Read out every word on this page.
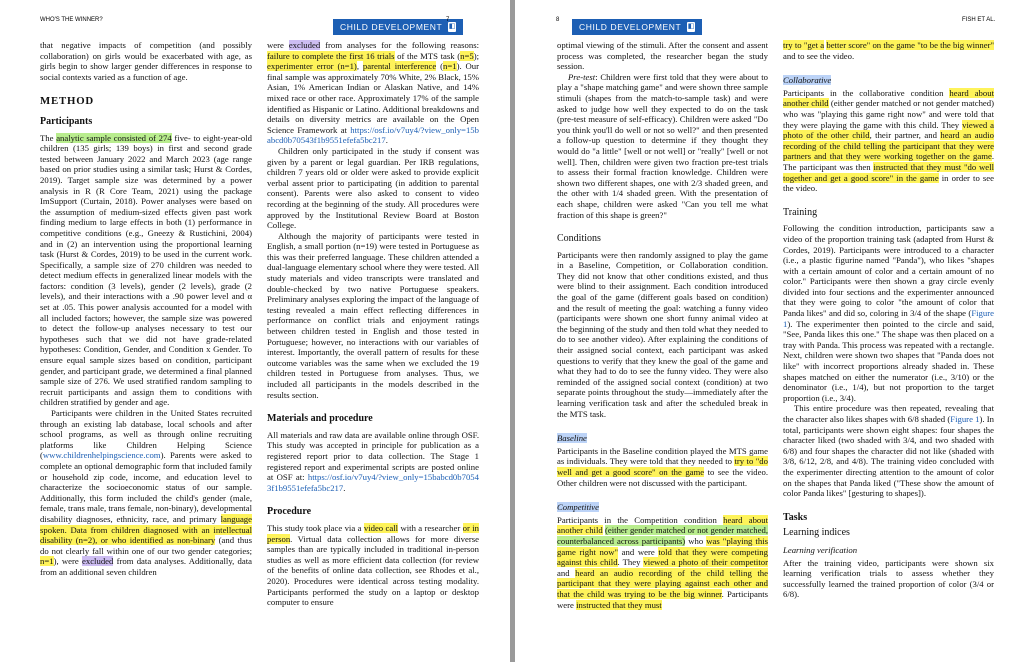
WHO'S THE WINNER?
CHILD DEVELOPMENT ◧
7

that negative impacts of competition (and possibly collaboration) on girls would be exacerbated with age, as girls begin to show larger gender differences in response to social contexts varied as a function of age.

METHOD
Participants

The analytic sample consisted of 274 five- to eight-year-old children (135 girls; 139 boys) in first and second grade tested between January 2022 and March 2023 (age range based on prior studies using a similar task; Hurst & Cordes, 2019). Target sample size was determined by a power analysis in R (R Core Team, 2021) using the package ImSupport (Curtain, 2018). Power analyses were based on the assumption of medium-sized effects given past work finding medium to large effects in both (1) performance in competitive conditions (e.g., Gneezy & Rustichini, 2004) and in (2) an intervention using the proportional learning task (Hurst & Cordes, 2019) to be used in the current work. Specifically, a sample size of 270 children was needed to detect medium effects in generalized linear models with the factors: condition (3 levels), gender (2 levels), grade (2 levels), and their interactions with a .90 power level and α set at .05. This power analysis accounted for a model with all included factors; however, the sample size was powered to detect the follow-up analyses necessary to test our hypotheses such that we did not have grade-related hypotheses: Condition, Gender, and Condition x Gender. To ensure equal sample sizes based on condition, participant gender, and participant grade, we determined a final planned sample size of 276. We used stratified random sampling to recruit participants and assign them to conditions with children stratified by gender and age.

Participants were children in the United States recruited through an existing lab database, local schools and after school programs, as well as through online recruiting platforms like Children Helping Science (www.childrenhelpingscience.com). Parents were asked to complete an optional demographic form that included family or household zip code, income, and education level to characterize the socioeconomic status of our sample. Additionally, this form included the child's gender (male, female, trans male, trans female, non-binary), developmental disability diagnoses, ethnicity, race, and primary language spoken. Data from children diagnosed with an intellectual disability (n=2), or who identified as non-binary (and thus do not clearly fall within one of our two gender categories; n=1), were excluded from data analyses. Additionally, data from an additional seven children

were excluded from analyses for the following reasons: failure to complete the first 16 trials of the MTS task (n=5); experimenter error (n=1), parental interference (n=1). Our final sample was approximately 70% White, 2% Black, 15% Asian, 1% American Indian or Alaskan Native, and 14% mixed race or other race. Approximately 17% of the sample identified as Hispanic or Latino. Additional breakdowns and details on diversity metrics are available on the Open Science Framework at https://osf.io/v7uy4/?view_only=15babcd0b70543f1b9551efefa5bc217.

Children only participated in the study if consent was given by a parent or legal guardian. Per IRB regulations, children 7 years old or older were asked to provide explicit verbal assent prior to participating (in addition to parental consent). Parents were also asked to consent to video recording at the beginning of the study. All procedures were approved by the Institutional Review Board at Boston College.

Although the majority of participants were tested in English, a small portion (n=19) were tested in Portuguese as this was their preferred language. These children attended a dual-language elementary school where they were tested. All study materials and video transcripts were translated and double-checked by two native Portuguese speakers. Preliminary analyses exploring the impact of the language of testing revealed a main effect reflecting differences in performance on conflict trials and enjoyment ratings between children tested in English and those tested in Portuguese; however, no interactions with our variables of interest. Importantly, the overall pattern of results for these outcome variables was the same when we excluded the 19 children tested in Portuguese from analyses. Thus, we included all participants in the models described in the results section.

Materials and procedure

All materials and raw data are available online through OSF. This study was accepted in principle for publication as a registered report prior to data collection. The Stage 1 registered report and experimental scripts are posted online at OSF at: https://osf.io/v7uy4/?view_only=15babcd0b70543f1b9551efefa5bc217.

Procedure

This study took place via a video call with a researcher or in person. Virtual data collection allows for more diverse samples than are typically included in traditional in-person studies as well as more efficient data collection (for review of the benefits of online data collection, see Rhodes et al., 2020). Procedures were identical across testing modality. Participants performed the study on a laptop or desktop computer to ensure

8
CHILD DEVELOPMENT ◧
FISH ET AL.

optimal viewing of the stimuli. After the consent and assent process was completed, the researcher began the study session.

Pre-test: Children were first told that they were about to play a "shape matching game" and were shown three sample stimuli (shapes from the match-to-sample task) and were asked to judge how well they expected to do on the task (pre-test measure of self-efficacy). Children were asked "Do you think you'll do well or not so well?" and then presented a follow-up question to determine if they thought they would do "a little" [well or not well] or "really" [well or not well]. Then, children were given two fraction pre-test trials to assess their formal fraction knowledge. Children were shown two different shapes, one with 2/3 shaded green, and the other with 1/4 shaded green. With the presentation of each shape, children were asked "Can you tell me what fraction of this shape is green?"

Conditions

Participants were then randomly assigned to play the game in a Baseline, Competition, or Collaboration condition. They did not know that other conditions existed, and thus were blind to their assignment. Each condition introduced the goal of the game (different goals based on condition) and the result of meeting the goal: watching a funny video (participants were shown one short funny animal video at the beginning of the study and then told what they needed to do to see another video). After explaining the conditions of their assigned social context, each participant was asked questions to verify that they knew the goal of the game and what they had to do to see the funny video. They were also reminded of the assigned social context (condition) at two separate points throughout the study—immediately after the learning verification task and after the scheduled break in the MTS task.

Baseline

Participants in the Baseline condition played the MTS game as individuals. They were told that they needed to try to "do well and get a good score" on the game to see the video. Other children were not discussed with the participant.

Competitive

Participants in the Competition condition heard about another child (either gender matched or not gender matched, counterbalanced across participants) who was "playing this game right now" and were told that they were competing against this child. They viewed a photo of their competitor and heard an audio recording of the child telling the participant that they were playing against each other and that the child was trying to be the big winner. Participants were instructed that they must

try to "get a better score" on the game "to be the big winner" and to see the video.

Collaborative

Participants in the collaborative condition heard about another child (either gender matched or not gender matched) who was "playing this game right now" and were told that they were playing the game with this child. They viewed a photo of the other child, their partner, and heard an audio recording of the child telling the participant that they were partners and that they were working together on the game. The participant was then instructed that they must "do well together and get a good score" in the game in order to see the video.

Training

Following the condition introduction, participants saw a video of the proportion training task (adapted from Hurst & Cordes, 2019). Participants were introduced to a character (i.e., a plastic figurine named "Panda"), who likes "shapes with a certain amount of color and a certain amount of no color." Participants were then shown a gray circle evenly divided into four sections and the experimenter announced that they were going to color "the amount of color that Panda likes" and did so, coloring in 3/4 of the shape (Figure 1). The experimenter then pointed to the circle and said, "See, Panda likes this one." The shape was then placed on a tray with Panda. This process was repeated with a rectangle. Next, children were shown two shapes that "Panda does not like" with incorrect proportions already shaded in. These shapes matched on either the numerator (i.e., 3/10) or the denominator (i.e., 1/4), but not proportion to the target proportion (i.e., 3/4).

This entire procedure was then repeated, revealing that the character also likes shapes with 6/8 shaded (Figure 1). In total, participants were shown eight shapes: four shapes the character liked (two shaded with 3/4, and two shaded with 6/8) and four shapes the character did not like (shaded with 3/8, 6/12, 2/8, and 4/8). The training video concluded with the experimenter directing attention to the amount of color on the shapes that Panda liked ("These show the amount of color Panda likes" [gesturing to shapes]).

Tasks
Learning indices
Learning verification

After the training video, participants were shown six learning verification trials to assess whether they successfully learned the trained proportion of color (3/4 or 6/8).
